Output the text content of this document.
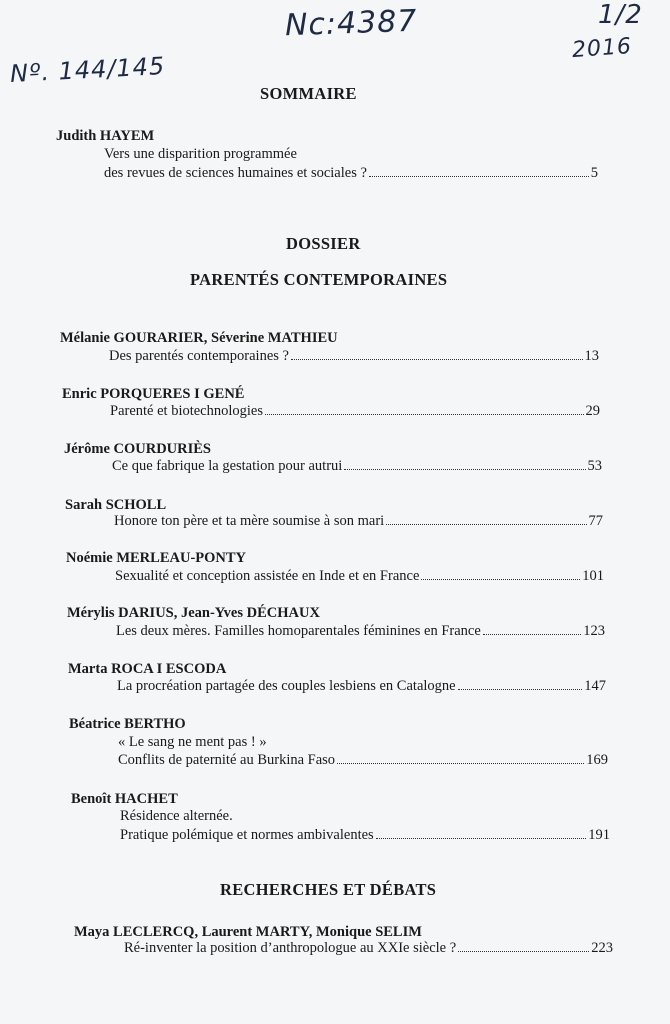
Nc:4387	1/2
2016
Nº. 144/145
SOMMAIRE
Judith HAYEM
Vers une disparition programmée
des revues de sciences humaines et sociales ?	5
DOSSIER
PARENTÉS CONTEMPORAINES
Mélanie GOURARIER, Séverine MATHIEU
Des parentés contemporaines ?	13
Enric PORQUERES I GENÉ
Parenté et biotechnologies	29
Jérôme COURDURIÈS
Ce que fabrique la gestation pour autrui	53
Sarah SCHOLL
Honore ton père et ta mère soumise à son mari	77
Noémie MERLEAU-PONTY
Sexualité et conception assistée en Inde et en France	101
Mérylis DARIUS, Jean-Yves DÉCHAUX
Les deux mères. Familles homoparentales féminines en France	123
Marta ROCA I ESCODA
La procréation partagée des couples lesbiens en Catalogne	147
Béatrice BERTHO
« Le sang ne ment pas ! »
Conflits de paternité au Burkina Faso	169
Benoît HACHET
Résidence alternée.
Pratique polémique et normes ambivalentes	191
RECHERCHES ET DÉBATS
Maya LECLERCQ, Laurent MARTY, Monique SELIM
Ré-inventer la position d’anthropologue au XXIe siècle ?	223
